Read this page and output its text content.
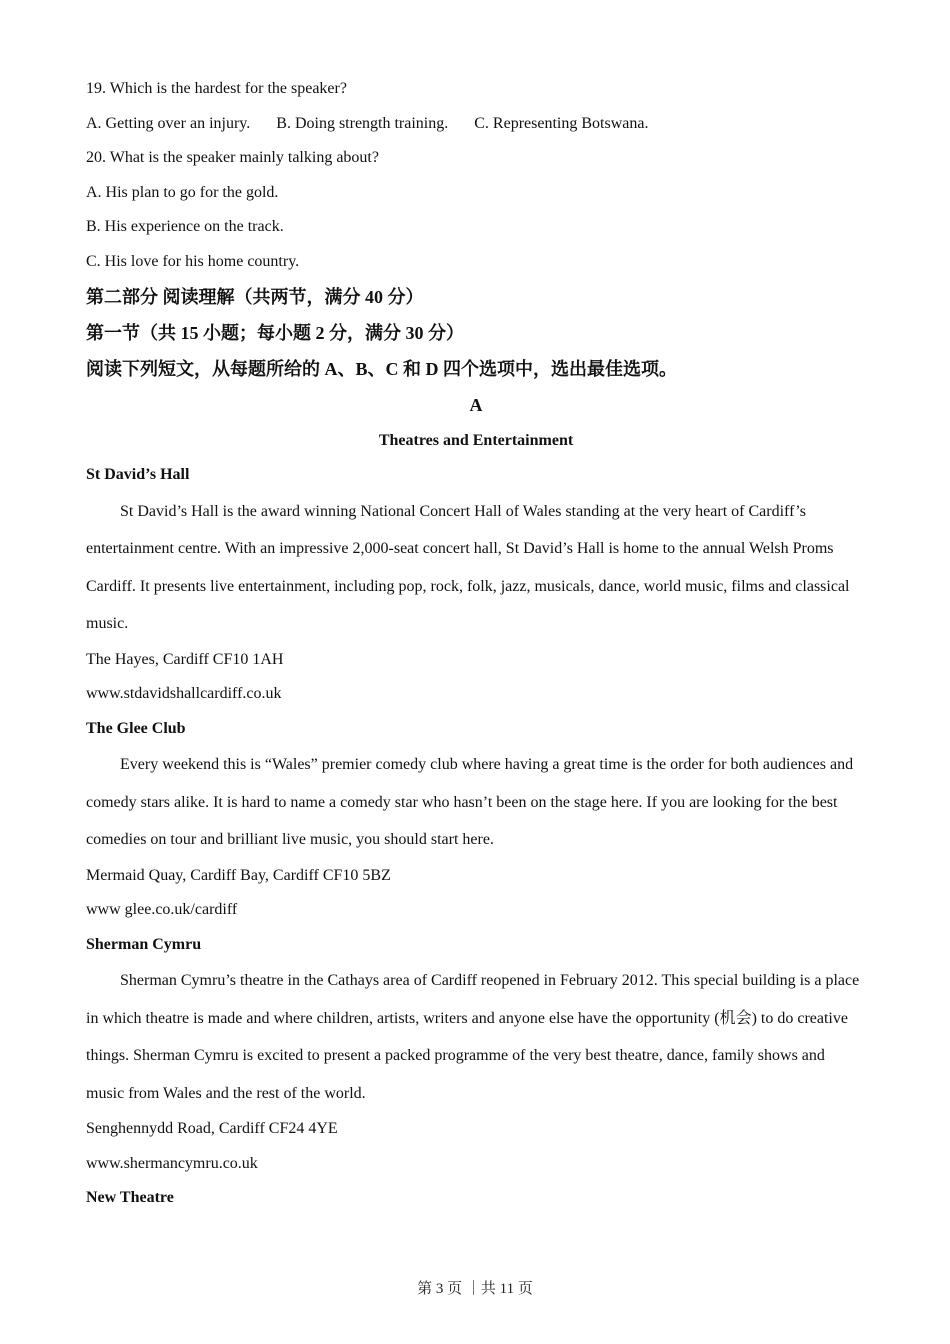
19. Which is the hardest for the speaker?
A. Getting over an injury. B. Doing strength training. C. Representing Botswana.
20. What is the speaker mainly talking about?
A. His plan to go for the gold.
B. His experience on the track.
C. His love for his home country.
第二部分 阅读理解（共两节，满分 40 分）
第一节（共 15 小题；每小题 2 分，满分 30 分）
阅读下列短文，从每题所给的 A、B、C 和 D 四个选项中，选出最佳选项。
A
Theatres and Entertainment
St David’s Hall

St David’s Hall is the award winning National Concert Hall of Wales standing at the very heart of Cardiff’s entertainment centre. With an impressive 2,000-seat concert hall, St David’s Hall is home to the annual Welsh Proms Cardiff. It presents live entertainment, including pop, rock, folk, jazz, musicals, dance, world music, films and classical music.

The Hayes, Cardiff CF10 1AH
www.stdavidshallcardiff.co.uk
The Glee Club

Every weekend this is “Wales” premier comedy club where having a great time is the order for both audiences and comedy stars alike. It is hard to name a comedy star who hasn’t been on the stage here. If you are looking for the best comedies on tour and brilliant live music, you should start here.

Mermaid Quay, Cardiff Bay, Cardiff CF10 5BZ
www glee.co.uk/cardiff
Sherman Cymru

Sherman Cymru’s theatre in the Cathays area of Cardiff reopened in February 2012. This special building is a place in which theatre is made and where children, artists, writers and anyone else have the opportunity (机会) to do creative things. Sherman Cymru is excited to present a packed programme of the very best theatre, dance, family shows and music from Wales and the rest of the world.

Senghennydd Road, Cardiff CF24 4YE
www.shermancymru.co.uk
New Theatre
第 3 页 ｜共 11 页
